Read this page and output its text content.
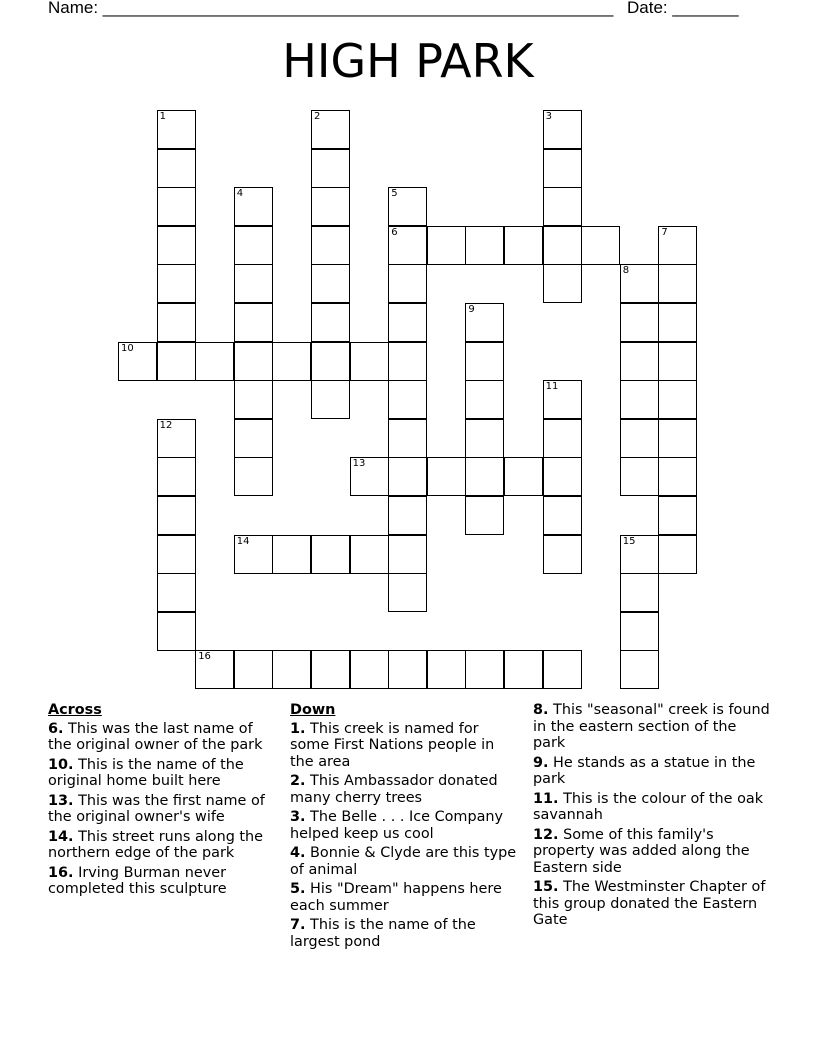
Name: ______________________________________________________ Date: _______
HIGH PARK
1	2	3
4	5
6	7
8
9
10
11
12
13
14	15
16
Across
6. This was the last name of the original owner of the park
10. This is the name of the original home built here
13. This was the first name of the original owner's wife
14. This street runs along the northern edge of the park
16. Irving Burman never completed this sculpture
Down
1. This creek is named for some First Nations people in the area
2. This Ambassador donated many cherry trees
3. The Belle . . . Ice Company helped keep us cool
4. Bonnie & Clyde are this type of animal
5. His "Dream" happens here each summer
7. This is the name of the largest pond
8. This "seasonal" creek is found in the eastern section of the park
9. He stands as a statue in the park
11. This is the colour of the oak savannah
12. Some of this family's property was added along the Eastern side
15. The Westminster Chapter of this group donated the Eastern Gate
